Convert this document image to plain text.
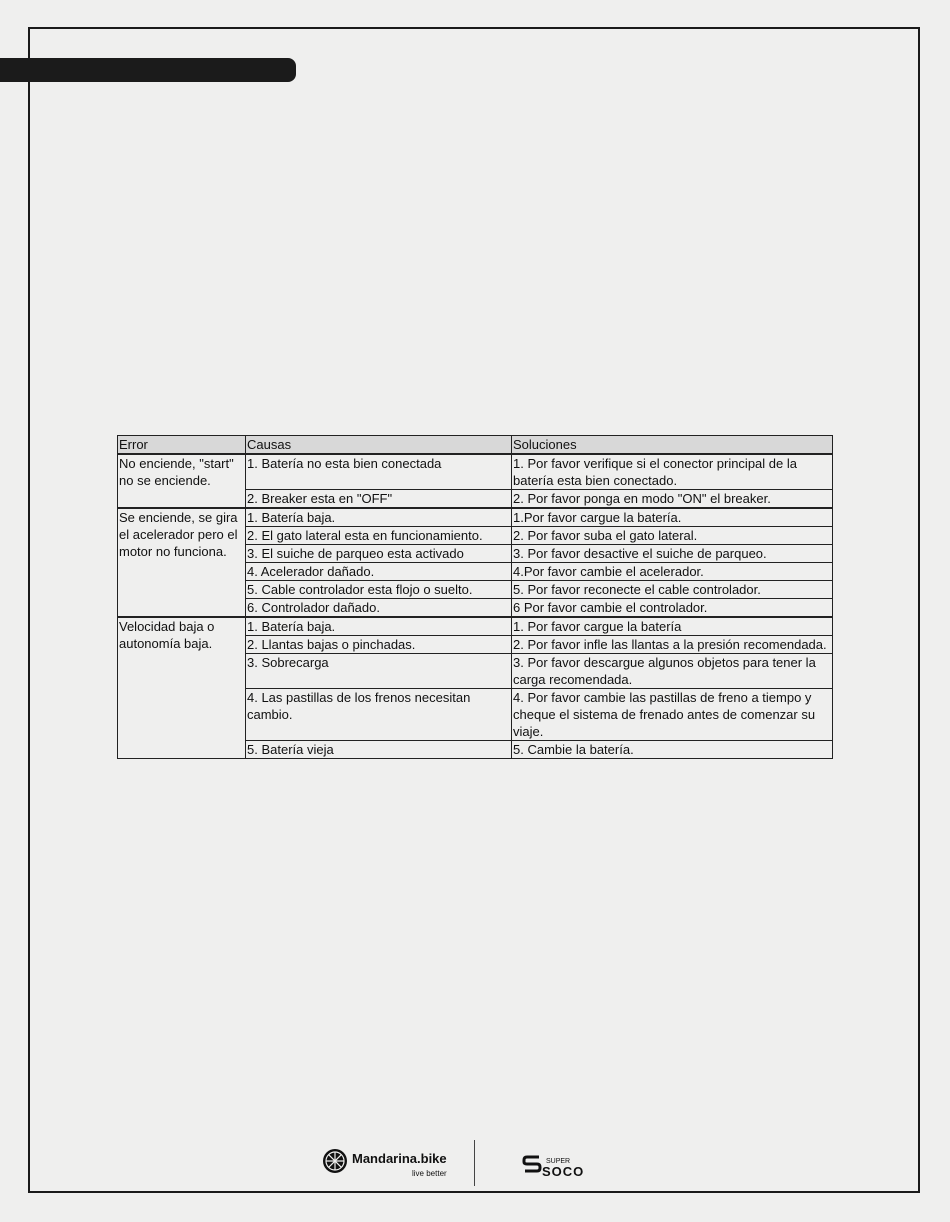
Error	Causas	Soluciones
No enciende, "start" no se enciende.	1. Batería no esta bien conectada	1. Por favor verifique si el conector principal de la batería esta bien conectado.
	2. Breaker esta en "OFF"	2. Por favor ponga en modo "ON" el breaker.
Se enciende, se gira el acelerador pero el motor no funciona.	1. Batería baja.	1.Por favor cargue la batería.
	2. El gato lateral esta en funcionamiento.	2. Por favor suba el gato lateral.
	3. El suiche de parqueo esta activado	3. Por favor desactive el suiche de parqueo.
	4. Acelerador dañado.	4.Por favor cambie el acelerador.
	5. Cable controlador esta flojo o suelto.	5. Por favor reconecte el cable controlador.
	6. Controlador dañado.	6 Por favor cambie el controlador.
Velocidad baja o autonomía baja.	1. Batería baja.	1. Por favor cargue la batería
	2. Llantas bajas o pinchadas.	2. Por favor infle las llantas a la presión recomendada.
	3. Sobrecarga	3. Por favor descargue algunos objetos para tener la carga recomendada.
	4. Las pastillas de los frenos necesitan cambio.	4. Por favor cambie las pastillas de freno a tiempo y cheque el sistema de frenado antes de comenzar su viaje.
	5. Batería vieja	5. Cambie la batería.
Mandarina.bike
live better
SUPER
SOCO
